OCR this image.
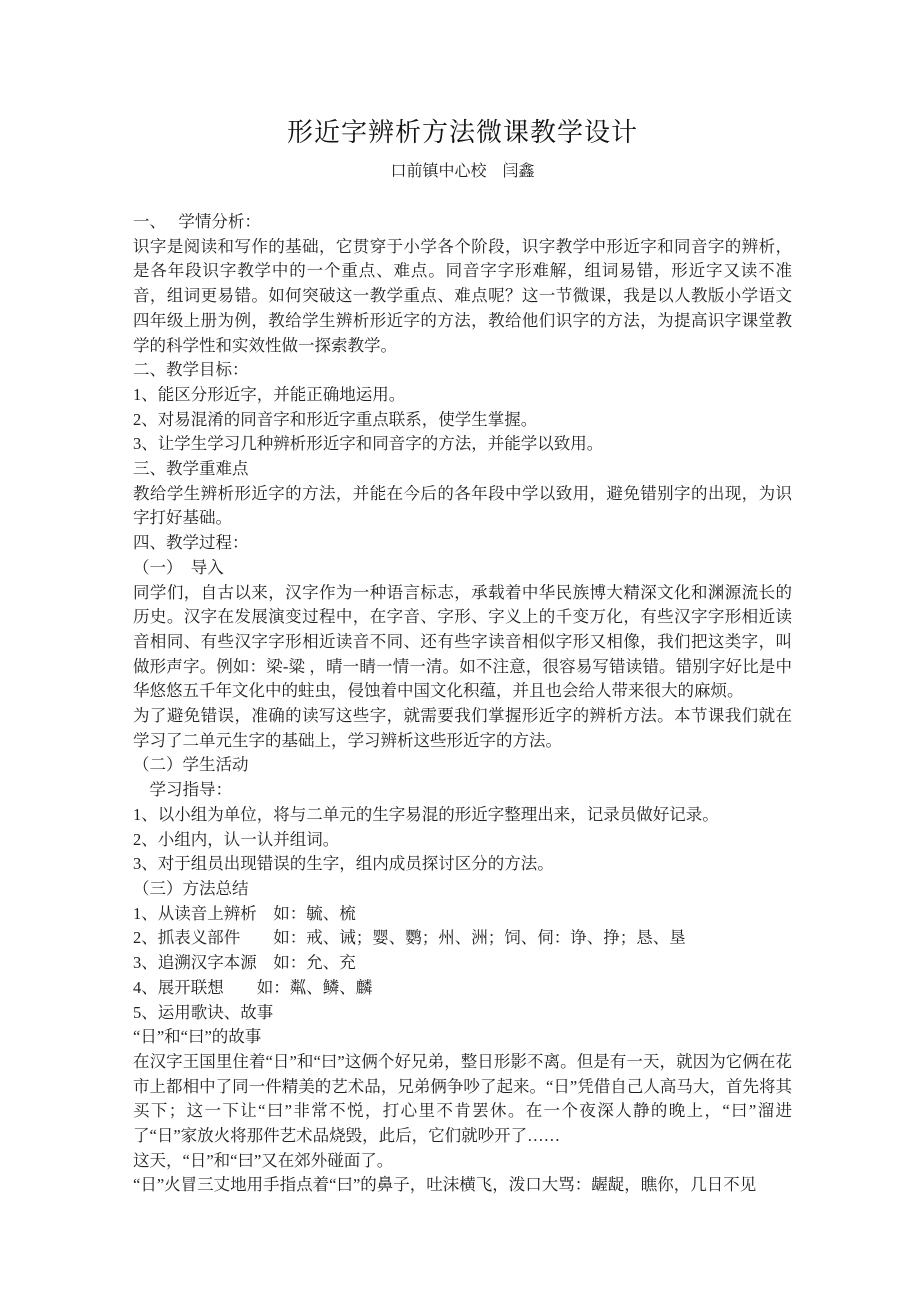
形近字辨析方法微课教学设计
口前镇中心校　闫鑫

一、　 学情分析：

识字是阅读和写作的基础，它贯穿于小学各个阶段，识字教学中形近字和同音字的辨析，是各年段识字教学中的一个重点、难点。同音字字形难解，组词易错，形近字又读不准音，组词更易错。如何突破这一教学重点、难点呢？这一节微课，我是以人教版小学语文四年级上册为例，教给学生辨析形近字的方法，教给他们识字的方法，为提高识字课堂教学的科学性和实效性做一探索教学。

二、教学目标：

1、能区分形近字，并能正确地运用。

2、对易混淆的同音字和形近字重点联系，使学生掌握。

3、让学生学习几种辨析形近字和同音字的方法，并能学以致用。

三、教学重难点

教给学生辨析形近字的方法，并能在今后的各年段中学以致用，避免错别字的出现，为识字打好基础。

四、教学过程：

（一）　导入

同学们，自古以来，汉字作为一种语言标志，承载着中华民族博大精深文化和渊源流长的历史。汉字在发展演变过程中，在字音、字形、字义上的千变万化，有些汉字字形相近读音相同、有些汉字字形相近读音不同、还有些字读音相似字形又相像，我们把这类字，叫做形声字。例如：梁-粱 ，晴一睛一情一清。如不注意，很容易写错读错。错别字好比是中华悠悠五千年文化中的蛀虫，侵蚀着中国文化积蕴，并且也会给人带来很大的麻烦。

为了避免错误，准确的读写这些字，就需要我们掌握形近字的辨析方法。本节课我们就在学习了二单元生字的基础上，学习辨析这些形近字的方法。

（二）学生活动

　学习指导：

1、以小组为单位，将与二单元的生字易混的形近字整理出来，记录员做好记录。

2、小组内，认一认并组词。

3、对于组员出现错误的生字，组内成员探讨区分的方法。

（三）方法总结

1、从读音上辨析　如：毓、梳

2、抓表义部件　　如：戒、诫；婴、鹦；州、洲；饲、伺：诤、挣；恳、垦

3、追溯汉字本源　如：允、充

4、展开联想　　如：粼、鳞、麟

5、运用歌诀、故事

“日”和“曰”的故事

在汉字王国里住着“日”和“曰”这俩个好兄弟，整日形影不离。但是有一天，就因为它俩在花市上都相中了同一件精美的艺术品，兄弟俩争吵了起来。“日”凭借自己人高马大，首先将其买下；这一下让“曰”非常不悦，打心里不肯罢休。在一个夜深人静的晚上，“曰”溜进了“日”家放火将那件艺术品烧毁，此后，它们就吵开了……

这天，“日”和“曰”又在郊外碰面了。

“日”火冒三丈地用手指点着“曰”的鼻子，吐沫横飞，泼口大骂：龌龊，瞧你，几日不见
